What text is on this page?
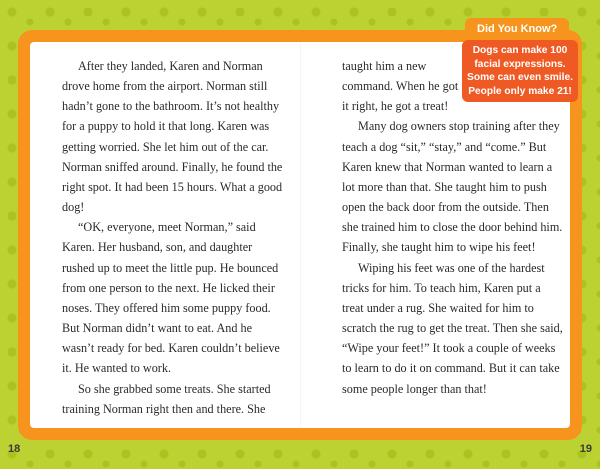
After they landed, Karen and Norman drove home from the airport. Norman still hadn’t gone to the bathroom. It’s not healthy for a puppy to hold it that long. Karen was getting worried. She let him out of the car. Norman sniffed around. Finally, he found the right spot. It had been 15 hours. What a good dog!

“OK, everyone, meet Norman,” said Karen. Her husband, son, and daughter rushed up to meet the little pup. He bounced from one person to the next. He licked their noses. They offered him some puppy food. But Norman didn’t want to eat. And he wasn’t ready for bed. Karen couldn’t believe it. He wanted to work.

So she grabbed some treats. She started training Norman right then and there. She

taught him a new command. When he got it right, he got a treat!

Many dog owners stop training after they teach a dog “sit,” “stay,” and “come.” But Karen knew that Norman wanted to learn a lot more than that. She taught him to push open the back door from the outside. Then she trained him to close the door behind him. Finally, she taught him to wipe his feet!

Wiping his feet was one of the hardest tricks for him. To teach him, Karen put a treat under a rug. She waited for him to scratch the rug to get the treat. Then she said, “Wipe your feet!” It took a couple of weeks to learn to do it on command. But it can take some people longer than that!

Did You Know?
Dogs can make 100 facial expressions. Some can even smile. People only make 21!
18	19
